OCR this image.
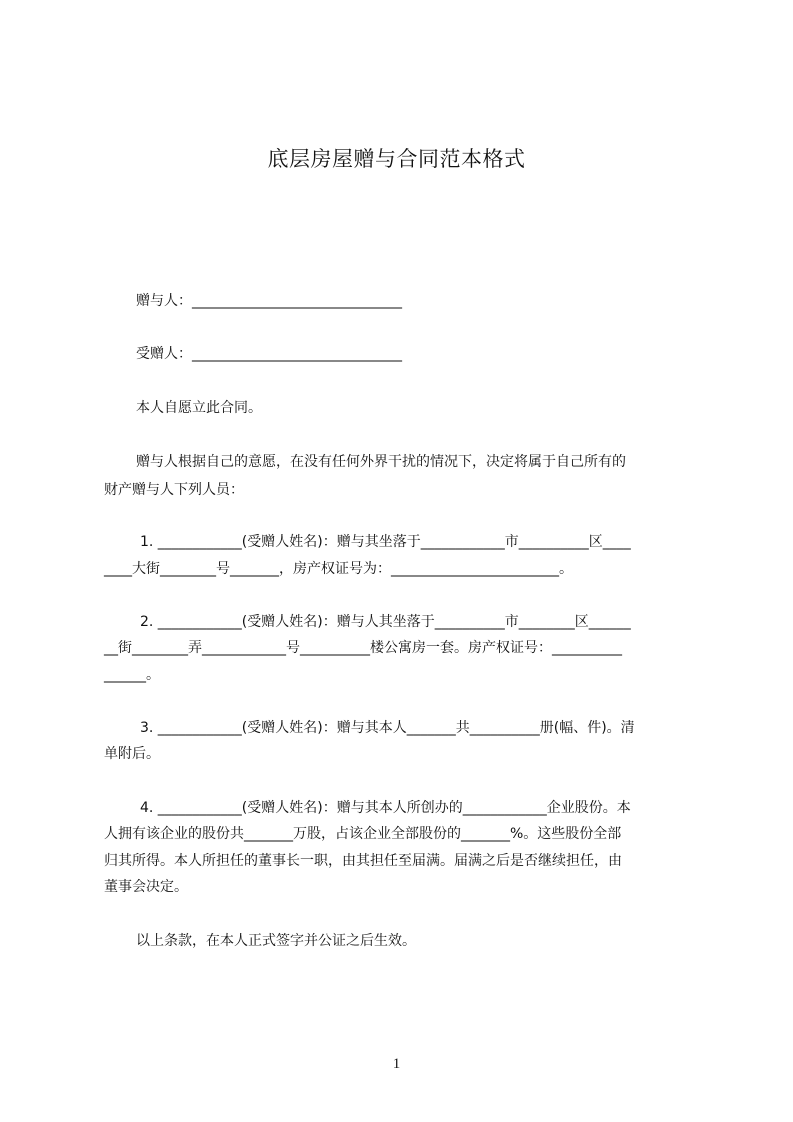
底层房屋赠与合同范本格式
赠与人：______________________________
受赠人：______________________________
本人自愿立此合同。
赠与人根据自己的意愿，在没有任何外界干扰的情况下，决定将属于自己所有的
财产赠与人下列人员：
1. ____________(受赠人姓名)：赠与其坐落于____________市__________区____
____大街________号_______，房产权证号为：________________________。
2. ____________(受赠人姓名)：赠与人其坐落于__________市________区______
__街________弄____________号__________楼公寓房一套。房产权证号：__________
______。
3. ____________(受赠人姓名)：赠与其本人_______共__________册(幅、件)。清
单附后。
4. ____________(受赠人姓名)：赠与其本人所创办的____________企业股份。本
人拥有该企业的股份共_______万股，占该企业全部股份的_______%。这些股份全部
归其所得。本人所担任的董事长一职，由其担任至届满。届满之后是否继续担任，由
董事会决定。
以上条款，在本人正式签字并公证之后生效。
1
